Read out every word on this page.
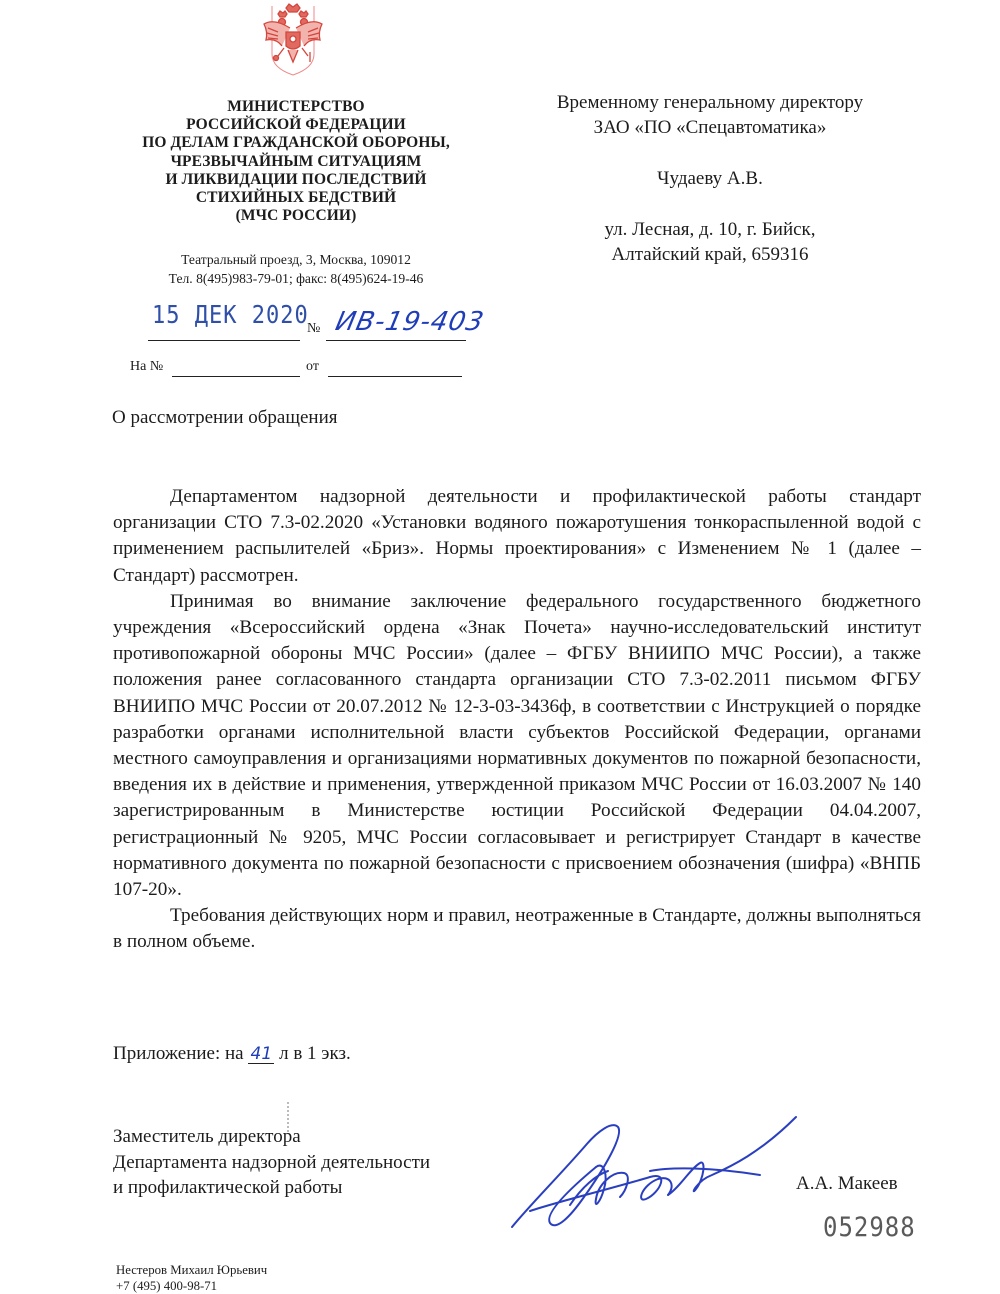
МИНИСТЕРСТВО
РОССИЙСКОЙ ФЕДЕРАЦИИ
ПО ДЕЛАМ ГРАЖДАНСКОЙ ОБОРОНЫ,
ЧРЕЗВЫЧАЙНЫМ СИТУАЦИЯМ
И ЛИКВИДАЦИИ ПОСЛЕДСТВИЙ
СТИХИЙНЫХ БЕДСТВИЙ
(МЧС РОССИИ)
Театральный проезд, 3, Москва, 109012
Тел. 8(495)983-79-01; факс: 8(495)624-19-46
Временному генеральному директору
ЗАО «ПО «Спецавтоматика»
Чудаеву А.В.
ул. Лесная, д. 10, г. Бийск,
Алтайский край, 659316
15 ДЕК 2020
№ ИВ-19-403
На №	от
О рассмотрении обращения

Департаментом надзорной деятельности и профилактической работы стандарт организации СТО 7.3-02.2020 «Установки водяного пожаротушения тонкораспыленной водой с применением распылителей «Бриз». Нормы проектирования» с Изменением № 1 (далее – Стандарт) рассмотрен.

Принимая во внимание заключение федерального государственного бюджетного учреждения «Всероссийский ордена «Знак Почета» научно-исследовательский институт противопожарной обороны МЧС России» (далее – ФГБУ ВНИИПО МЧС России), а также положения ранее согласованного стандарта организации СТО 7.3-02.2011 письмом ФГБУ ВНИИПО МЧС России от 20.07.2012 № 12-3-03-3436ф, в соответствии с Инструкцией о порядке разработки органами исполнительной власти субъектов Российской Федерации, органами местного самоуправления и организациями нормативных документов по пожарной безопасности, введения их в действие и применения, утвержденной приказом МЧС России от 16.03.2007 № 140 зарегистрированным в Министерстве юстиции Российской Федерации 04.04.2007, регистрационный № 9205, МЧС России согласовывает и регистрирует Стандарт в качестве нормативного документа по пожарной безопасности с присвоением обозначения (шифра) «ВНПБ 107-20».

Требования действующих норм и правил, неотраженные в Стандарте, должны выполняться в полном объеме.

Приложение: на 41 л в 1 экз.
Заместитель директора
Департамента надзорной деятельности
и профилактической работы	А.А. Макеев
052988
Нестеров Михаил Юрьевич
+7 (495) 400-98-71
